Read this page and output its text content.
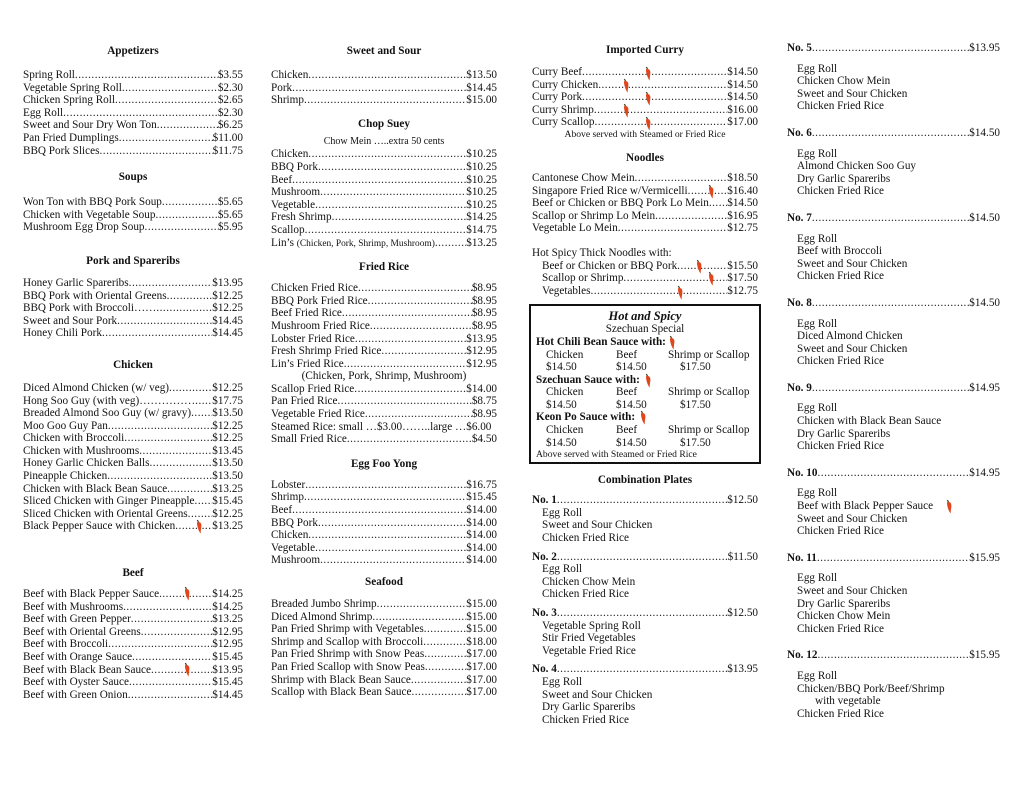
Appetizers
Spring Roll .....	$3.55
Vegetable Spring Roll .....	$2.30
Chicken Spring Roll .....	$2.65
Egg Roll .....	$2.30
Sweet and Sour Dry Won Ton .....	$6.25
Pan Fried Dumplings .....	$11.00
BBQ Pork Slices .....	$11.75
Soups
Won Ton with BBQ Pork Soup .....	$5.65
Chicken with Vegetable Soup .....	$5.65
Mushroom Egg Drop Soup .....	$5.95
Pork and Spareribs
Honey Garlic Spareribs .....	$13.95
BBQ Pork with Oriental Greens .....	$12.25
BBQ Pork with Broccoli…… .....	$12.25
Sweet and Sour Pork .....	$14.45
Honey Chili Pork .....	$14.45
Chicken
Diced Almond Chicken (w/ veg) .....	$12.25
Hong Soo Guy (with veg)…………… ..... $17.75
Breaded Almond Soo Guy (w/ gravy) ..... $13.50
Moo Goo Guy Pan .....	$12.25
Chicken with Broccoli .....	$12.25
Chicken with Mushrooms .....	$13.45
Honey Garlic Chicken Balls .....	$13.50
Pineapple Chicken .....	$13.50
Chicken with Black Bean Sauce .....	$13.25
Sliced Chicken with Ginger Pineapple ..... $15.45
Sliced Chicken with Oriental Greens ..... $12.25
Black Pepper Sauce with Chicken .....	$13.25
Beef
Beef with Black Pepper Sauce .....	$14.25
Beef with Mushrooms .....	$14.25
Beef with Green Pepper .....	$13.25
Beef with Oriental Greens .....	$12.95
Beef with Broccoli .....	$12.95
Beef with Orange Sauce .....	$15.45
Beef with Black Bean Sauce .....	$13.95
Beef with Oyster Sauce .....	$15.45
Beef with Green Onion .....	$14.45
Sweet and Sour
Chicken .....	$13.50
Pork .....	$14.45
Shrimp .....	$15.00
Chop Suey
Chow Mein …..extra 50 cents
Chicken .....	$10.25
BBQ Pork .....	$10.25
Beef .....	$10.25
Mushroom .....	$10.25
Vegetable .....	$10.25
Fresh Shrimp .....	$14.25
Scallop .....	$14.75
Lin’s (Chicken, Pork, Shrimp, Mushroom) .....	$13.25
Fried Rice
Chicken Fried Rice .....	$8.95
BBQ Pork Fried Rice .....	$8.95
Beef Fried Rice .....	$8.95
Mushroom Fried Rice .....	$8.95
Lobster Fried Rice .....	$13.95
Fresh Shrimp Fried Rice .....	$12.95
Lin’s Fried Rice .....	$12.95
(Chicken, Pork, Shrimp, Mushroom)
Scallop Fried Rice .....	$14.00
Pan Fried Rice .....	$8.75
Vegetable Fried Rice .....	$8.95
Steamed Rice: small …$3.00……..large …$6.00
Small Fried Rice .....	$4.50
Egg Foo Yong
Lobster .....	$16.75
Shrimp .....	$15.45
Beef .....	$14.00
BBQ Pork .....	$14.00
Chicken .....	$14.00
Vegetable .....	$14.00
Mushroom .....	$14.00
Seafood
Breaded Jumbo Shrimp .....	$15.00
Diced Almond Shrimp .....	$15.00
Pan Fried Shrimp with Vegetables .....	$15.00
Shrimp and Scallop with Broccoli .....	$18.00
Pan Fried Shrimp with Snow Peas .....	$17.00
Pan Fried Scallop with Snow Peas .....	$17.00
Shrimp with Black Bean Sauce .....	$17.00
Scallop with Black Bean Sauce .....	$17.00
Imported Curry
Curry Beef .....	$14.50
Curry Chicken .....	$14.50
Curry Pork .....	$14.50
Curry Shrimp .....	$16.00
Curry Scallop .....	$17.00
Above served with Steamed or Fried Rice
Noodles
Cantonese Chow Mein .....	$18.50
Singapore Fried Rice w/Vermicelli .....	$16.40
Beef or Chicken or BBQ Pork Lo Mein ..... $14.50
Scallop or Shrimp Lo Mein .....	$16.95
Vegetable Lo Mein .....	$12.75
Hot Spicy Thick Noodles with:
Beef or Chicken or BBQ Pork .....	$15.50
Scallop or Shrimp .....	$17.50
Vegetables .....	$12.75
Hot and Spicy
Szechuan Special
Hot Chili Bean Sauce with:
Chicken	Beef	Shrimp or Scallop
$14.50	$14.50	$17.50
Szechuan Sauce with:
Chicken	Beef	Shrimp or Scallop
$14.50	$14.50	$17.50
Keon Po Sauce with:
Chicken	Beef	Shrimp or Scallop
$14.50	$14.50	$17.50
Above served with Steamed or Fried Rice
Combination Plates
No. 1 .....	$12.50
Egg Roll
Sweet and Sour Chicken
Chicken Fried Rice
No. 2 .....	$11.50
Egg Roll
Chicken Chow Mein
Chicken Fried Rice
No. 3 .....	$12.50
Vegetable Spring Roll
Stir Fried Vegetables
Vegetable Fried Rice
No. 4 .....	$13.95
Egg Roll
Sweet and Sour Chicken
Dry Garlic Spareribs
Chicken Fried Rice
No. 5 .....	$13.95
Egg Roll
Chicken Chow Mein
Sweet and Sour Chicken
Chicken Fried Rice
No. 6 .....	$14.50
Egg Roll
Almond Chicken Soo Guy
Dry Garlic Spareribs
Chicken Fried Rice
No. 7 .....	$14.50
Egg Roll
Beef with Broccoli
Sweet and Sour Chicken
Chicken Fried Rice
No. 8 .....	$14.50
Egg Roll
Diced Almond Chicken
Sweet and Sour Chicken
Chicken Fried Rice
No. 9 .....	$14.95
Egg Roll
Chicken with Black Bean Sauce
Dry Garlic Spareribs
Chicken Fried Rice
No. 10 .....	$14.95
Egg Roll
Beef with Black Pepper Sauce
Sweet and Sour Chicken
Chicken Fried Rice
No. 11 .....	$15.95
Egg Roll
Sweet and Sour Chicken
Dry Garlic Spareribs
Chicken Chow Mein
Chicken Fried Rice
No. 12 .....	$15.95
Egg Roll
Chicken/BBQ Pork/Beef/Shrimp
with vegetable
Chicken Fried Rice
